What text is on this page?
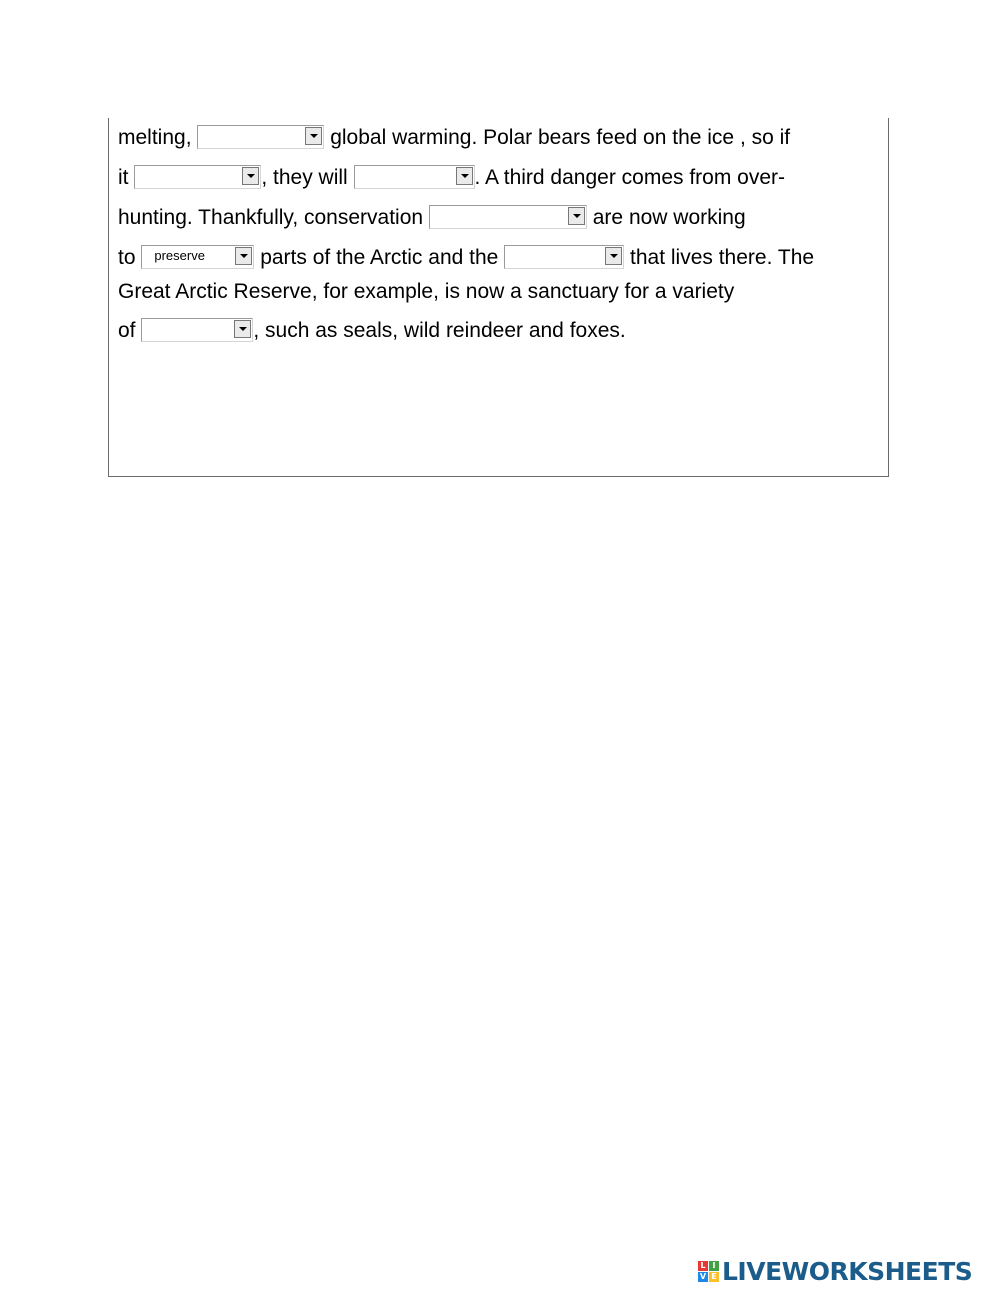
melting,	global warming. Polar bears feed on the ice , so if
it	, they will	. A third danger comes from over-
hunting. Thankfully, conservation	are now working
to preserve parts of the Arctic and the	that lives there. The
Great Arctic Reserve, for example, is now a sanctuary for a variety
of	, such as seals, wild reindeer and foxes.
L I
V E LIVEWORKSHEETS
